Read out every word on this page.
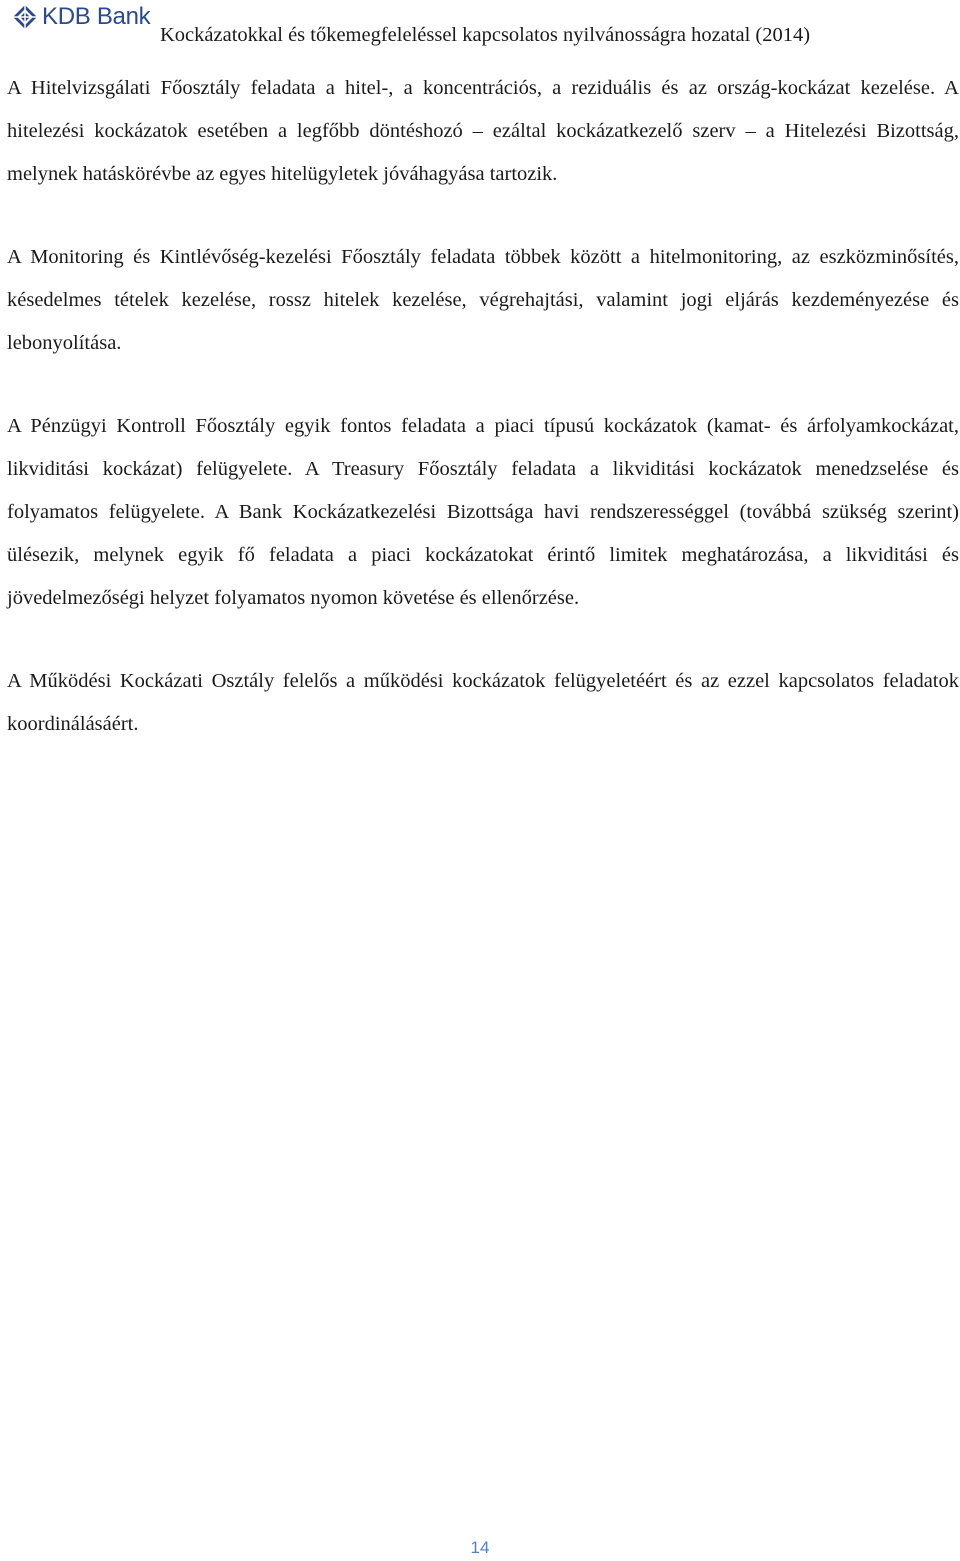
KDB Bank
Kockázatokkal és tőkemegfeleléssel kapcsolatos nyilvánosságra hozatal (2014)

A Hitelvizsgálati Főosztály feladata a hitel-, a koncentrációs, a reziduális és az ország-kockázat kezelése. A hitelezési kockázatok esetében a legfőbb döntéshozó – ezáltal kockázatkezelő szerv – a Hitelezési Bizottság, melynek hatáskörévbe az egyes hitelügyletek jóváhagyása tartozik.

A Monitoring és Kintlévőség-kezelési Főosztály feladata többek között a hitelmonitoring, az eszközminősítés, késedelmes tételek kezelése, rossz hitelek kezelése, végrehajtási, valamint jogi eljárás kezdeményezése és lebonyolítása.

A Pénzügyi Kontroll Főosztály egyik fontos feladata a piaci típusú kockázatok (kamat- és árfolyamkockázat, likviditási kockázat) felügyelete. A Treasury Főosztály feladata a likviditási kockázatok menedzselése és folyamatos felügyelete. A Bank Kockázatkezelési Bizottsága havi rendszerességgel (továbbá szükség szerint) ülésezik, melynek egyik fő feladata a piaci kockázatokat érintő limitek meghatározása, a likviditási és jövedelmezőségi helyzet folyamatos nyomon követése és ellenőrzése.

A Működési Kockázati Osztály felelős a működési kockázatok felügyeletéért és az ezzel kapcsolatos feladatok koordinálásáért.

14
